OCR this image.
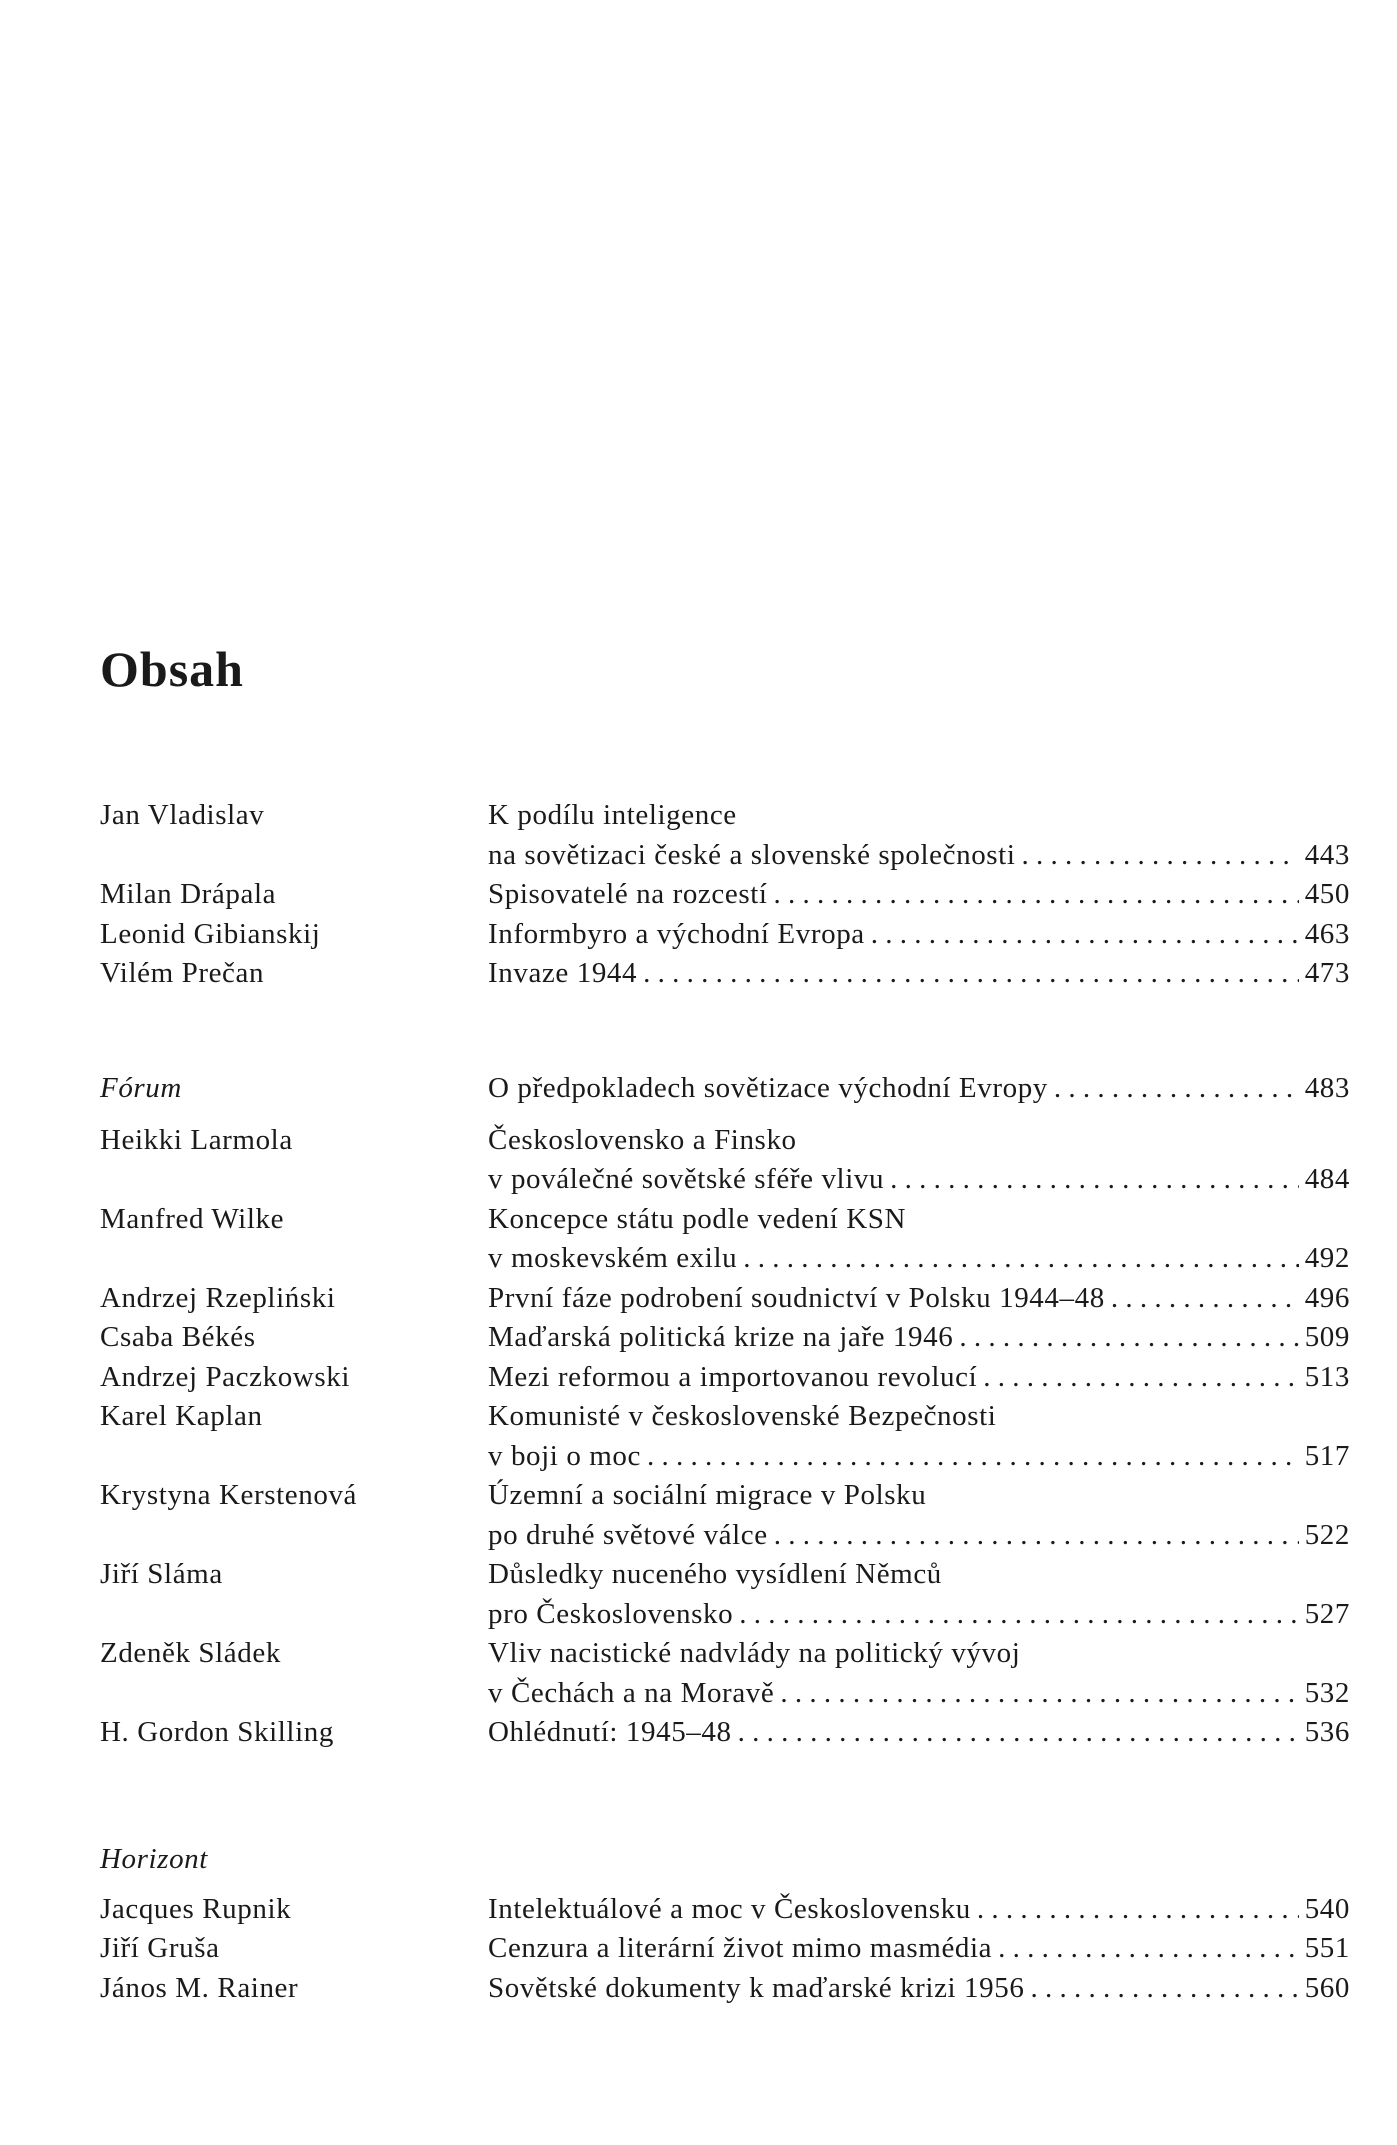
Obsah
Jan Vladislav	K podílu inteligence
na sovětizaci české a slovenské společnosti . . .	443
Milan Drápala	Spisovatelé na rozcestí . . .	450
Leonid Gibianskij	Informbyro a východní Evropa . . .	463
Vilém Prečan	Invaze 1944 . . .	473
Fórum	O předpokladech sovětizace východní Evropy . . .	483
Heikki Larmola	Československo a Finsko
v poválečné sovětské sféře vlivu . . .	484
Manfred Wilke	Koncepce státu podle vedení KSN
v moskevském exilu . . .	492
Andrzej Rzepliński	První fáze podrobení soudnictví v Polsku 1944–48 . . .	496
Csaba Békés	Maďarská politická krize na jaře 1946 . . .	509
Andrzej Paczkowski	Mezi reformou a importovanou revolucí . . .	513
Karel Kaplan	Komunisté v československé Bezpečnosti
v boji o moc . . .	517
Krystyna Kerstenová	Územní a sociální migrace v Polsku
po druhé světové válce . . .	522
Jiří Sláma	Důsledky nuceného vysídlení Němců
pro Československo . . .	527
Zdeněk Sládek	Vliv nacistické nadvlády na politický vývoj
v Čechách a na Moravě . . .	532
H. Gordon Skilling	Ohlédnutí: 1945–48 . . .	536
Horizont
Jacques Rupnik	Intelektuálové a moc v Československu . . .	540
Jiří Gruša	Cenzura a literární život mimo masmédia . . .	551
János M. Rainer	Sovětské dokumenty k maďarské krizi 1956 . . .	560
